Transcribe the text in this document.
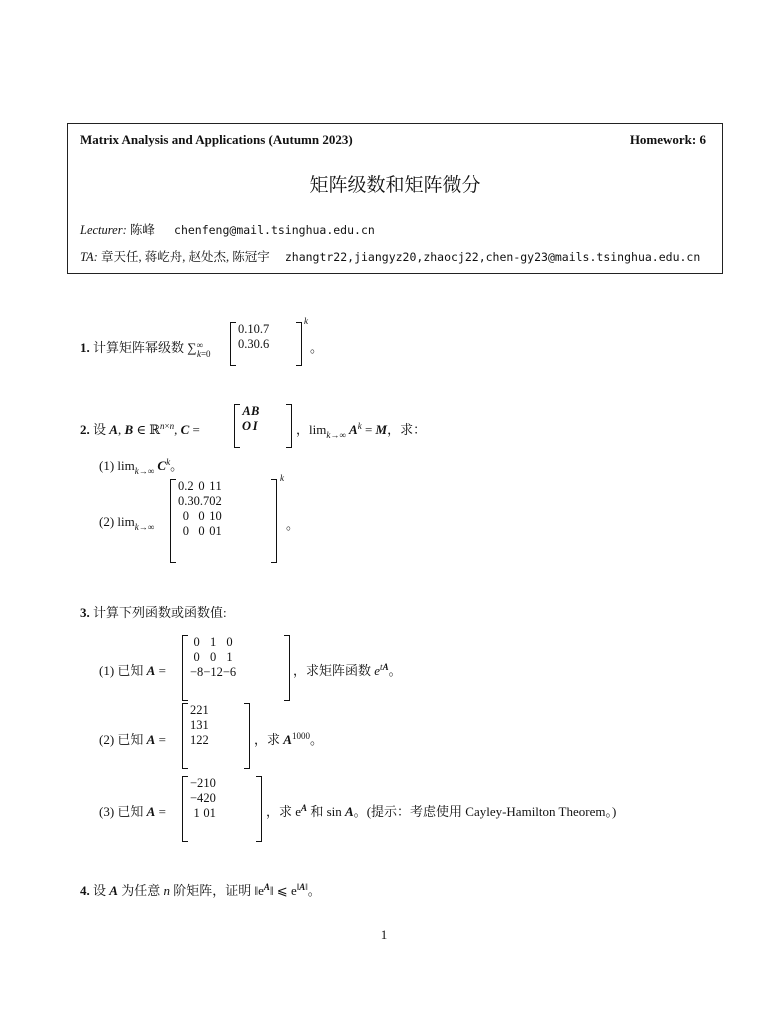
Matrix Analysis and Applications (Autumn 2023)	Homework: 6
矩阵级数和矩阵微分
Lecturer: 陈峰 chenfeng@mail.tsinghua.edu.cn
TA: 章天任, 蒋屹舟, 赵处杰, 陈冠宇 zhangtr22,jiangyz20,zhaocj22,chen-gy23@mails.tsinghua.edu.cn
1. 计算矩阵幂级数 $\sum^\infty_{k=0}$
0.1	0.7
0.3	0.6
k
。
2. 设 A, B ∈ ℝ$^{n\times n}$, C =
A	B
O	I	，$\lim_{k\to\infty} A^k = M$，求：
(1) $\lim_{k\to\infty} C^k$。
(2) $\lim_{k\to\infty}$
0.2	0	1	1
0.3	0.7	0	2
0	0	1	0
0	0	0	1
k
。
3. 计算下列函数或函数值:
(1) 已知 A =
0	1	0
0	0	1
−8	−12	−6	，求矩阵函数 $e^{tA}$。
(2) 已知 A =
2	2	1
1	3	1
1	2	2	，求 $A^{1000}$。
(3) 已知 A =
−2	1	0
−4	2	0
1	0	1	，求 $e^A$ 和 sin A。(提示：考虑使用 Cayley-Hamilton Theorem。)
4. 设 A 为任意 n 阶矩阵，证明 $‖e^A‖$ ⩽ $e^{‖A‖}$。
1
